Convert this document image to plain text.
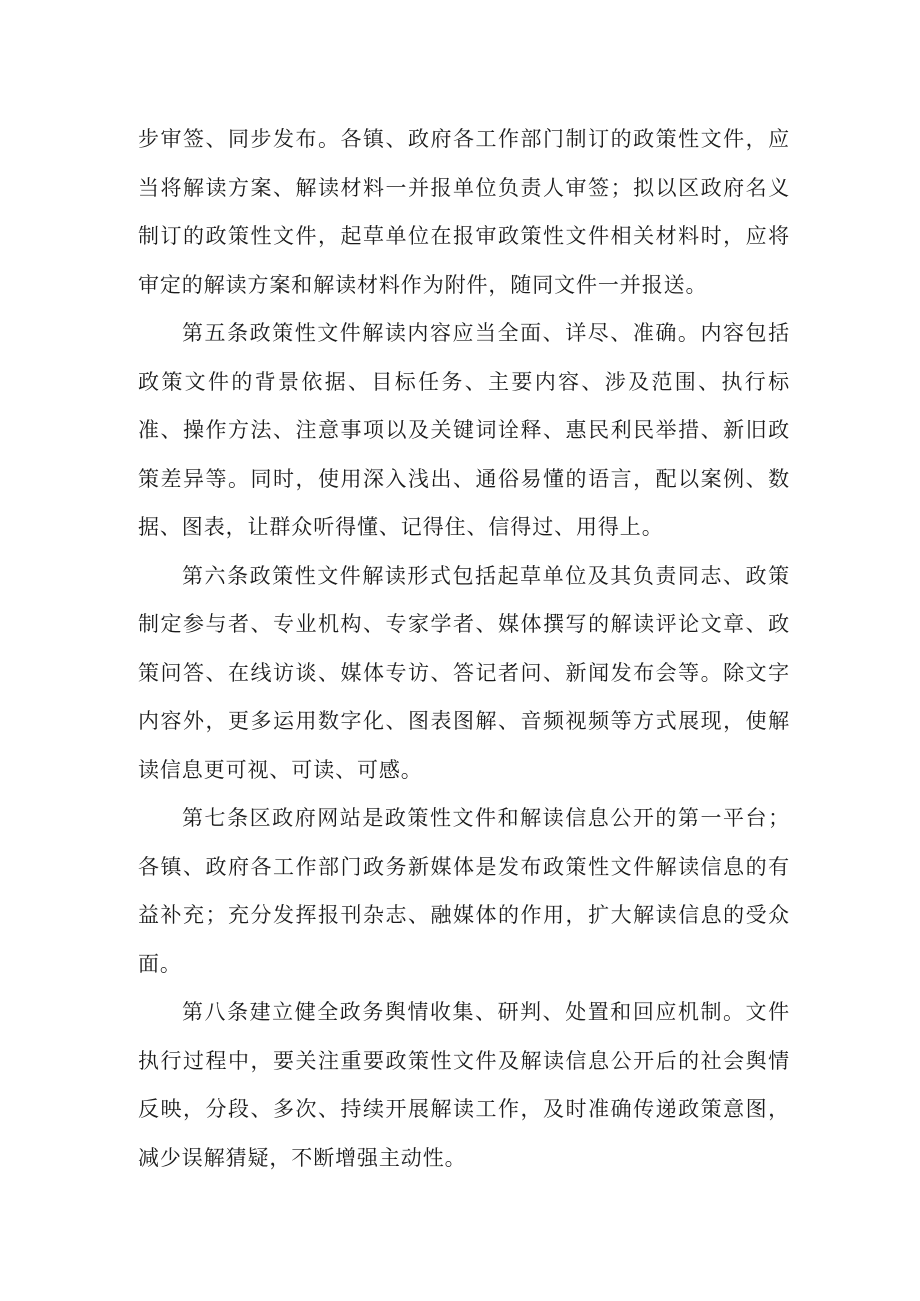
步审签、同步发布。各镇、政府各工作部门制订的政策性文件，应当将解读方案、解读材料一并报单位负责人审签；拟以区政府名义制订的政策性文件，起草单位在报审政策性文件相关材料时，应将审定的解读方案和解读材料作为附件，随同文件一并报送。

第五条政策性文件解读内容应当全面、详尽、准确。内容包括政策文件的背景依据、目标任务、主要内容、涉及范围、执行标准、操作方法、注意事项以及关键词诠释、惠民利民举措、新旧政策差异等。同时，使用深入浅出、通俗易懂的语言，配以案例、数据、图表，让群众听得懂、记得住、信得过、用得上。

第六条政策性文件解读形式包括起草单位及其负责同志、政策制定参与者、专业机构、专家学者、媒体撰写的解读评论文章、政策问答、在线访谈、媒体专访、答记者问、新闻发布会等。除文字内容外，更多运用数字化、图表图解、音频视频等方式展现，使解读信息更可视、可读、可感。

第七条区政府网站是政策性文件和解读信息公开的第一平台；各镇、政府各工作部门政务新媒体是发布政策性文件解读信息的有益补充；充分发挥报刊杂志、融媒体的作用，扩大解读信息的受众面。

第八条建立健全政务舆情收集、研判、处置和回应机制。文件执行过程中，要关注重要政策性文件及解读信息公开后的社会舆情反映，分段、多次、持续开展解读工作，及时准确传递政策意图，减少误解猜疑，不断增强主动性。
